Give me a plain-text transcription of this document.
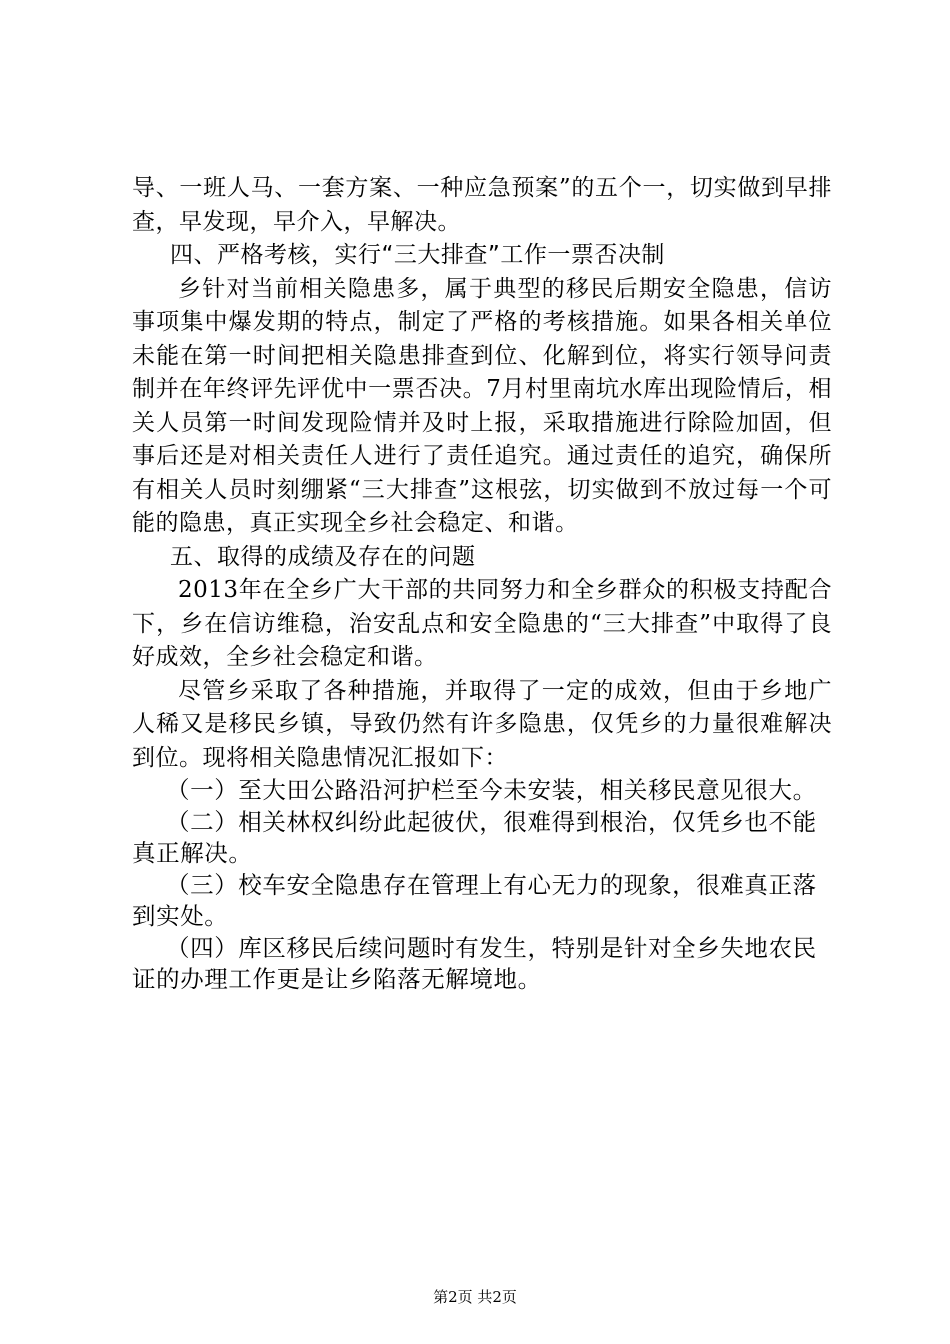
导、一班人马、一套方案、一种应急预案”的五个一，切实做到早排查，早发现，早介入，早解决。

四、严格考核，实行“三大排查”工作一票否决制

乡针对当前相关隐患多，属于典型的移民后期安全隐患，信访事项集中爆发期的特点，制定了严格的考核措施。如果各相关单位未能在第一时间把相关隐患排查到位、化解到位，将实行领导问责制并在年终评先评优中一票否决。7月村里南坑水库出现险情后，相关人员第一时间发现险情并及时上报，采取措施进行除险加固，但事后还是对相关责任人进行了责任追究。通过责任的追究，确保所有相关人员时刻绷紧“三大排查”这根弦，切实做到不放过每一个可能的隐患，真正实现全乡社会稳定、和谐。

五、取得的成绩及存在的问题

2013年在全乡广大干部的共同努力和全乡群众的积极支持配合下，乡在信访维稳，治安乱点和安全隐患的“三大排查”中取得了良好成效，全乡社会稳定和谐。

尽管乡采取了各种措施，并取得了一定的成效，但由于乡地广人稀又是移民乡镇，导致仍然有许多隐患，仅凭乡的力量很难解决到位。现将相关隐患情况汇报如下：

（一）至大田公路沿河护栏至今未安装，相关移民意见很大。

（二）相关林权纠纷此起彼伏，很难得到根治，仅凭乡也不能真正解决。

（三）校车安全隐患存在管理上有心无力的现象，很难真正落到实处。

（四）库区移民后续问题时有发生，特别是针对全乡失地农民证的办理工作更是让乡陷落无解境地。

第2页 共2页
